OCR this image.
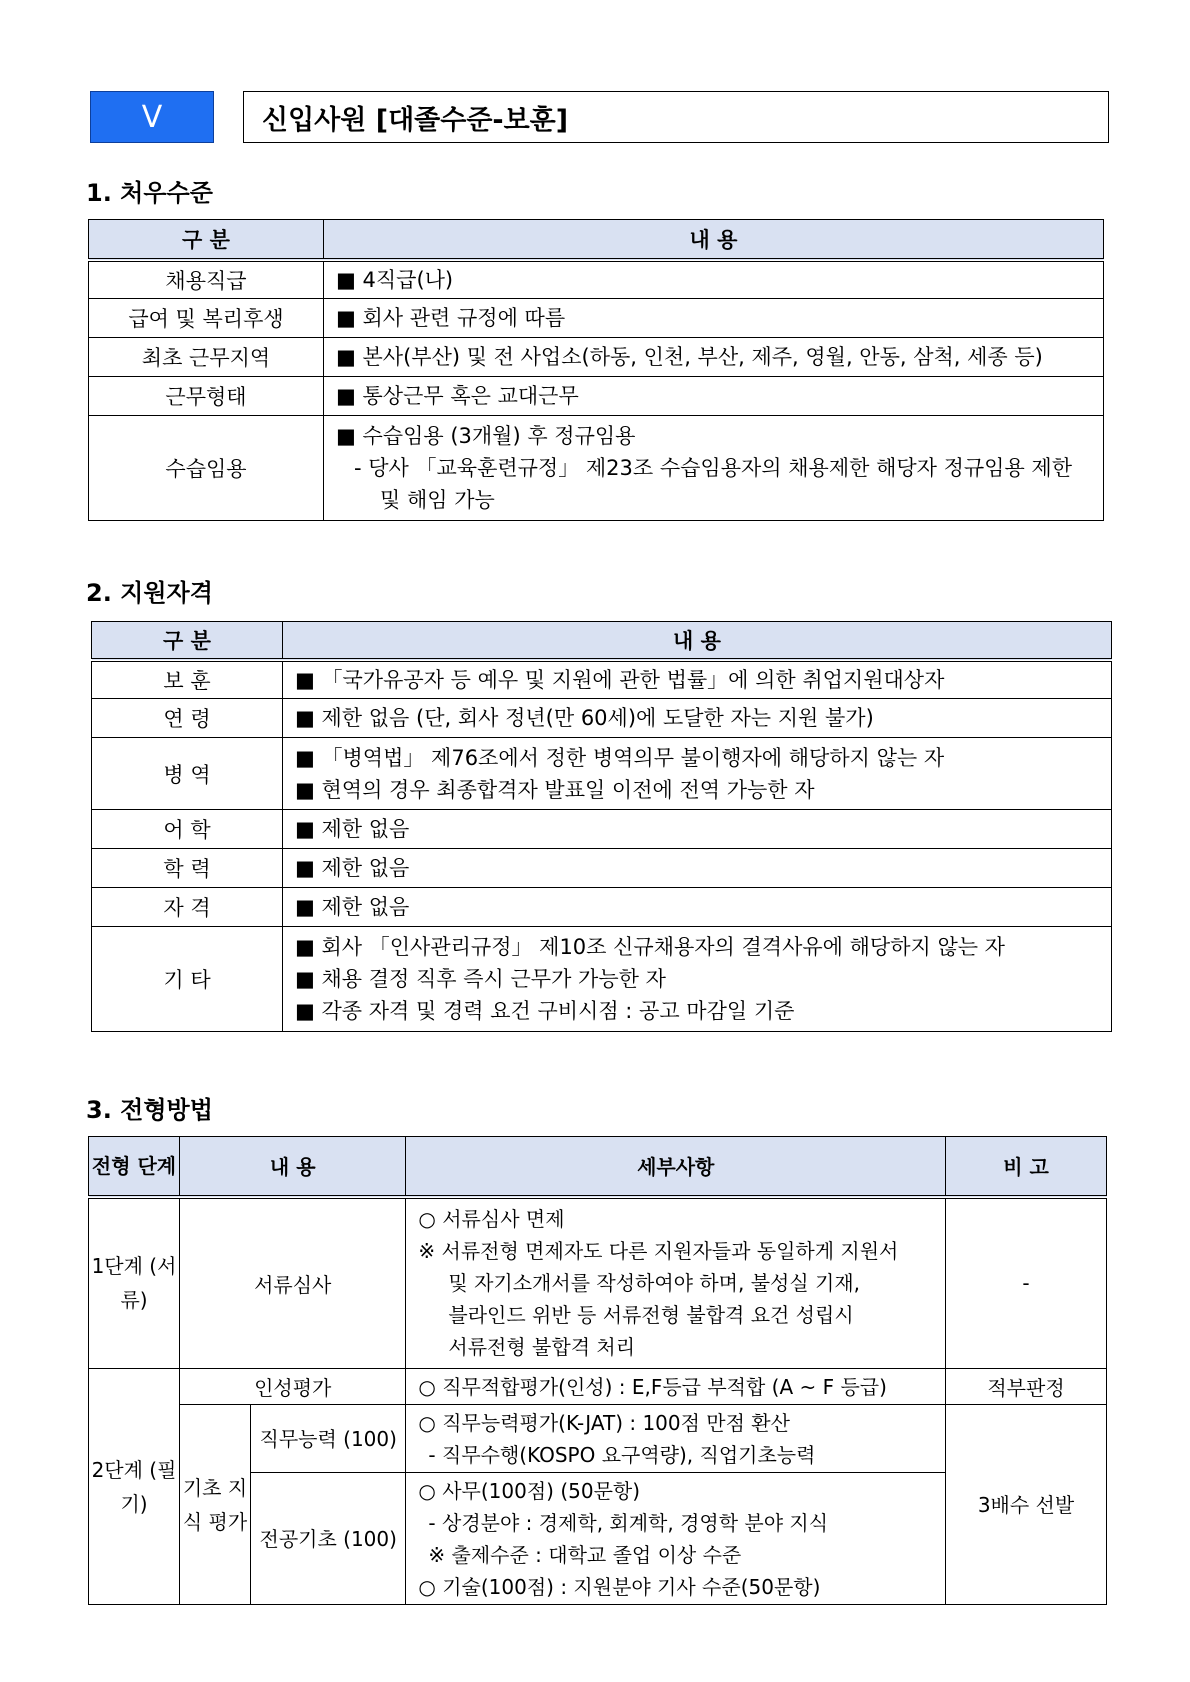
V	신입사원 [대졸수준-보훈]
1. 처우수준
구 분	내 용
채용직급	■ 4직급(나)

급여 및 복리후생	■ 회사 관련 규정에 따름

최초 근무지역	■ 본사(부산) 및 전 사업소(하동, 인천, 부산, 제주, 영월, 안동, 삼척, 세종 등)

근무형태	■ 통상근무 혹은 교대근무

수습임용	■ 수습임용 (3개월) 후 정규임용
- 당사 「교육훈련규정」 제23조 수습임용자의 채용제한 해당자 정규임용 제한
및 해임 가능
2. 지원자격
구 분	내 용
보 훈	■ 「국가유공자 등 예우 및 지원에 관한 법률」에 의한 취업지원대상자

연 령	■ 제한 없음 (단, 회사 정년(만 60세)에 도달한 자는 지원 불가)

병 역	■ 「병역법」 제76조에서 정한 병역의무 불이행자에 해당하지 않는 자
■ 현역의 경우 최종합격자 발표일 이전에 전역 가능한 자

어 학	■ 제한 없음

학 력	■ 제한 없음

자 격	■ 제한 없음

기 타	■ 회사 「인사관리규정」 제10조 신규채용자의 결격사유에 해당하지 않는 자
■ 채용 결정 직후 즉시 근무가 가능한 자
■ 각종 자격 및 경력 요건 구비시점 : 공고 마감일 기준
3. 전형방법
전형 단계	내 용		세부사항	비 고
1단계 (서류)	서류심사		○ 서류심사 면제
※ 서류전형 면제자도 다른 지원자들과 동일하게 지원서
및 자기소개서를 작성하여야 하며, 불성실 기재,
블라인드 위반 등 서류전형 불합격 요건 성립시
서류전형 불합격 처리	-
2단계 (필기)	인성평가		○ 직무적합평가(인성) : E,F등급 부적합 (A ~ F 등급)	적부판정
	기초 지식 평가	직무능력 (100)	○ 직무능력평가(K-JAT) : 100점 만점 환산
- 직무수행(KOSPO 요구역량), 직업기초능력	3배수 선발
		전공기초 (100)	○ 사무(100점) (50문항)
- 상경분야 : 경제학, 회계학, 경영학 분야 지식
※ 출제수준 : 대학교 졸업 이상 수준
○ 기술(100점) : 지원분야 기사 수준(50문항)	
